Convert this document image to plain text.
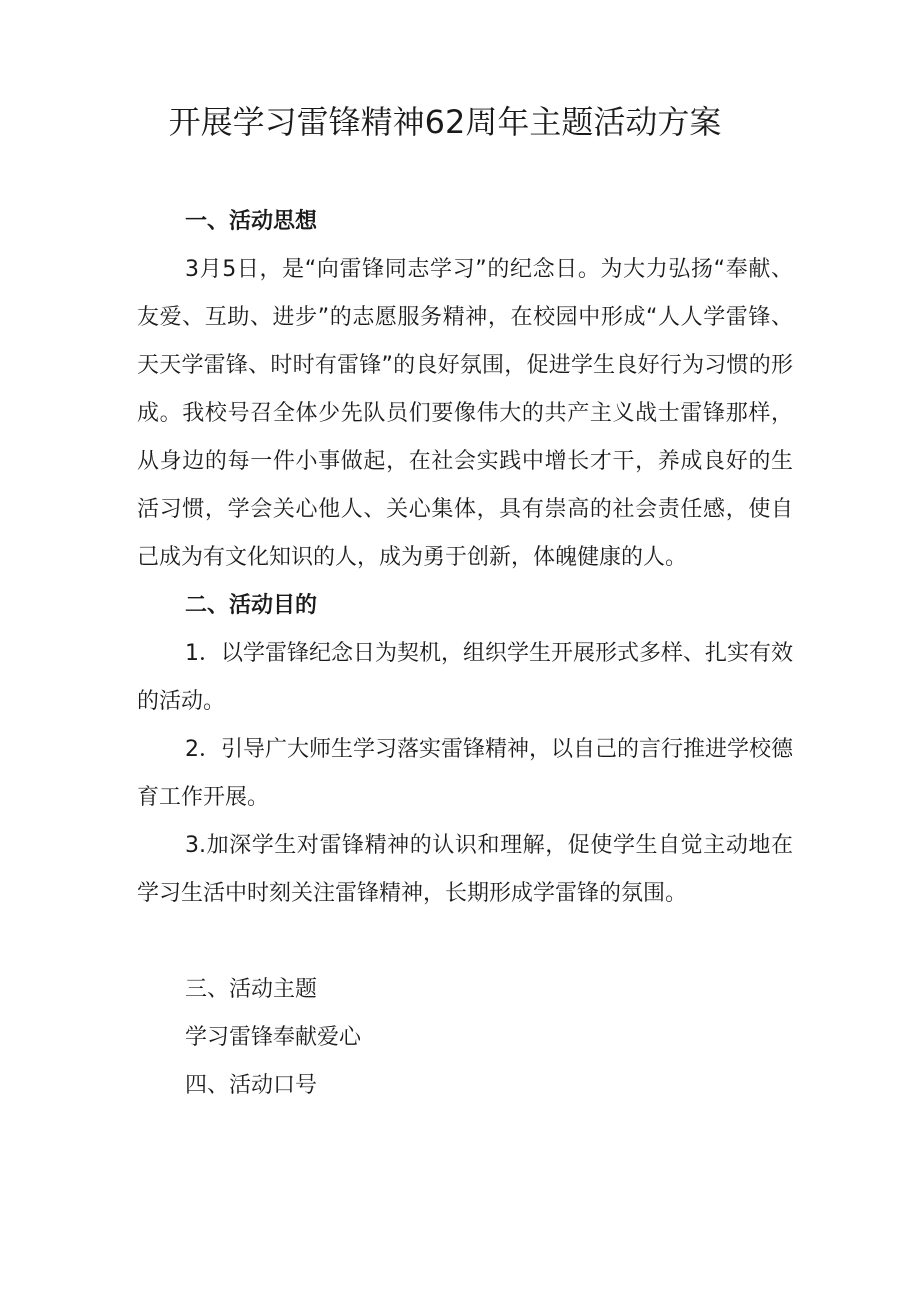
开展学习雷锋精神62周年主题活动方案

一、活动思想

3月5日，是“向雷锋同志学习”的纪念日。为大力弘扬“奉献、友爱、互助、进步”的志愿服务精神，在校园中形成“人人学雷锋、天天学雷锋、时时有雷锋”的良好氛围，促进学生良好行为习惯的形成。我校号召全体少先队员们要像伟大的共产主义战士雷锋那样，从身边的每一件小事做起，在社会实践中增长才干，养成良好的生活习惯，学会关心他人、关心集体，具有崇高的社会责任感，使自己成为有文化知识的人，成为勇于创新，体魄健康的人。

二、活动目的

1．以学雷锋纪念日为契机，组织学生开展形式多样、扎实有效的活动。

2．引导广大师生学习落实雷锋精神，以自己的言行推进学校德育工作开展。

3.加深学生对雷锋精神的认识和理解，促使学生自觉主动地在学习生活中时刻关注雷锋精神，长期形成学雷锋的氛围。

三、活动主题

学习雷锋奉献爱心

四、活动口号
